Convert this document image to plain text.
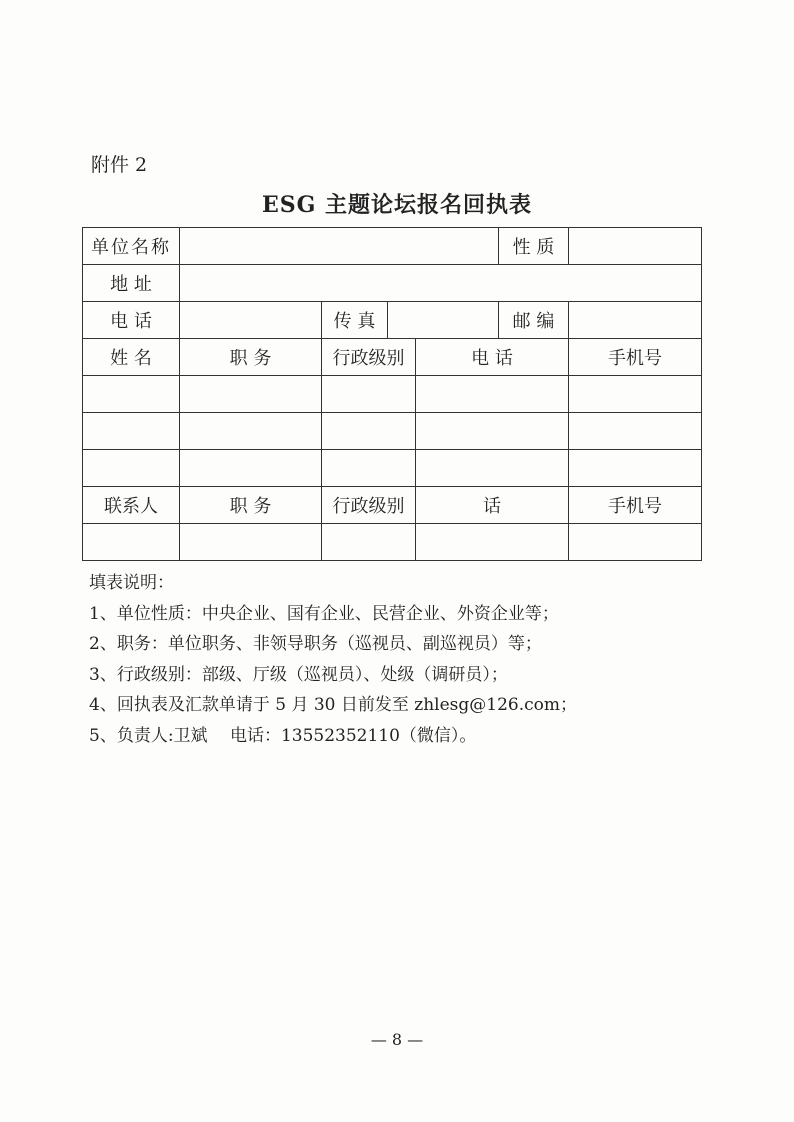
附件 2
ESG 主题论坛报名回执表
单位名称					性 质	
地 址						
电 话		传 真			邮 编	
姓 名	职 务	行政级别		电 话		手机号

联系人	职 务	行政级别		话		手机号

填表说明：
1、单位性质：中央企业、国有企业、民营企业、外资企业等；
2、职务：单位职务、非领导职务（巡视员、副巡视员）等；
3、行政级别：部级、厅级（巡视员）、处级（调研员）；
4、回执表及汇款单请于 5 月 30 日前发至 zhlesg@126.com；
5、负责人:卫斌　 电话：13552352110（微信）。
— 8 —
